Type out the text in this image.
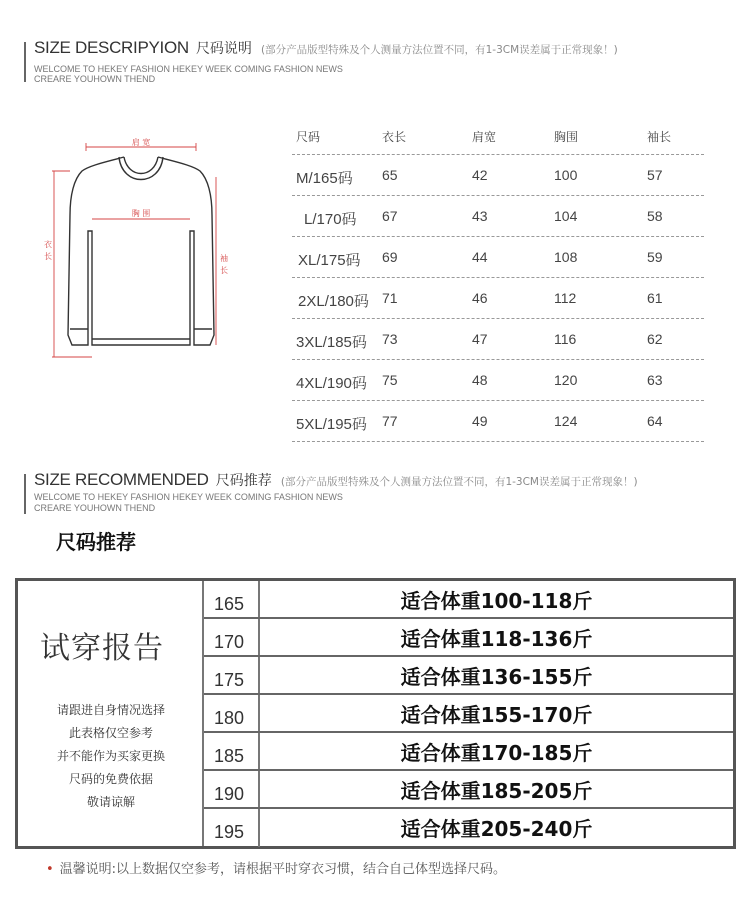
SIZE DESCRIPYION 尺码说明 (部分产品版型特殊及个人测量方法位置不同，有1-3CM误差属于正常现象！)
WELCOME TO HEKEY FASHION HEKEY WEEK COMING FASHION NEWS
CREARE YOUHOWN THEND
肩 宽
胸 围
衣
长	袖
长
尺码	衣长	肩宽	胸围	袖长
M/165码 65	42	100	57
L/170码 67	43	104	58
XL/175码 69	44	108	59
2XL/180码 71	46	112	61
3XL/185码 73	47	116	62
4XL/190码 75	48	120	63
5XL/195码 77	49	124	64
SIZE RECOMMENDED 尺码推荐 (部分产品版型特殊及个人测量方法位置不同，有1-3CM误差属于正常现象！)
WELCOME TO HEKEY FASHION HEKEY WEEK COMING FASHION NEWS
CREARE YOUHOWN THEND
尺码推荐
试穿报告
请跟进自身情况选择
此表格仅空参考
并不能作为买家更换
尺码的免费依据
敬请谅解
165	适合体重100-118斤
170	适合体重118-136斤
175	适合体重136-155斤
180	适合体重155-170斤
185	适合体重170-185斤
190	适合体重185-205斤
195	适合体重205-240斤
• 温馨说明:以上数据仅空参考，请根据平时穿衣习惯，结合自己体型选择尺码。
